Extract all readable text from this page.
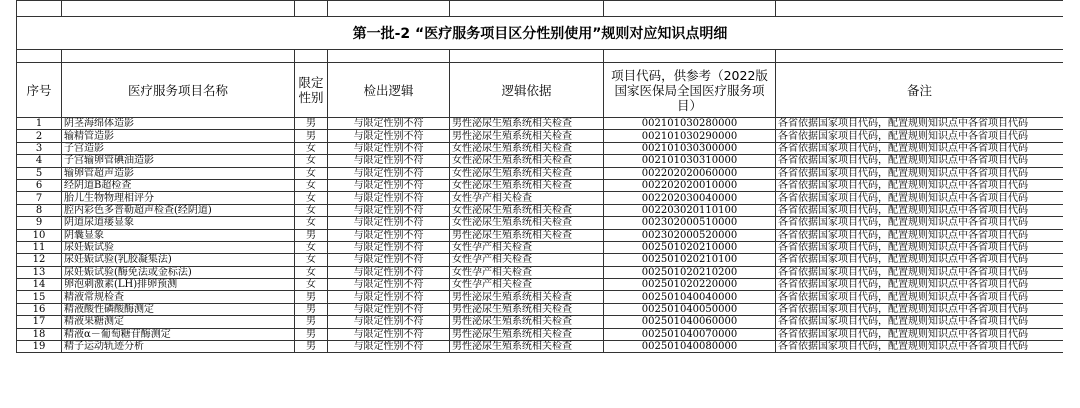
第一批-2 “医疗服务项目区分性别使用”规则对应知识点明细						

序号	医疗服务项目名称	限定性别	检出逻辑	逻辑依据	项目代码，供参考（2022版国家医保局全国医疗服务项目）	备注
1	阴茎海绵体造影	男	与限定性别不符	男性泌尿生殖系统相关检查	002101030280000	各省依据国家项目代码，配置规则知识点中各省项目代码
2	输精管造影	男	与限定性别不符	男性泌尿生殖系统相关检查	002101030290000	各省依据国家项目代码，配置规则知识点中各省项目代码
3	子宫造影	女	与限定性别不符	女性泌尿生殖系统相关检查	002101030300000	各省依据国家项目代码，配置规则知识点中各省项目代码
4	子宫输卵管碘油造影	女	与限定性别不符	女性泌尿生殖系统相关检查	002101030310000	各省依据国家项目代码，配置规则知识点中各省项目代码
5	输卵管超声造影	女	与限定性别不符	女性泌尿生殖系统相关检查	002202020060000	各省依据国家项目代码，配置规则知识点中各省项目代码
6	经阴道B超检查	女	与限定性别不符	女性泌尿生殖系统相关检查	002202020010000	各省依据国家项目代码，配置规则知识点中各省项目代码
7	胎儿生物物理相评分	女	与限定性别不符	女性孕产相关检查	002202030040000	各省依据国家项目代码，配置规则知识点中各省项目代码
8	腔内彩色多普勒超声检查(经阴道)	女	与限定性别不符	女性泌尿生殖系统相关检查	002203020110100	各省依据国家项目代码，配置规则知识点中各省项目代码
9	阴道尿道瘘显象	女	与限定性别不符	女性泌尿生殖系统相关检查	002302000510000	各省依据国家项目代码，配置规则知识点中各省项目代码
10	阴囊显象	男	与限定性别不符	男性泌尿生殖系统相关检查	002302000520000	各省依据国家项目代码，配置规则知识点中各省项目代码
11	尿妊娠试验	女	与限定性别不符	女性孕产相关检查	002501020210000	各省依据国家项目代码，配置规则知识点中各省项目代码
12	尿妊娠试验(乳胶凝集法)	女	与限定性别不符	女性孕产相关检查	002501020210100	各省依据国家项目代码，配置规则知识点中各省项目代码
13	尿妊娠试验(酶免法或金标法)	女	与限定性别不符	女性孕产相关检查	002501020210200	各省依据国家项目代码，配置规则知识点中各省项目代码
14	卵泡刺激素(LH)排卵预测	女	与限定性别不符	女性孕产相关检查	002501020220000	各省依据国家项目代码，配置规则知识点中各省项目代码
15	精液常规检查	男	与限定性别不符	男性泌尿生殖系统相关检查	002501040040000	各省依据国家项目代码，配置规则知识点中各省项目代码
16	精液酸性磷酸酶测定	男	与限定性别不符	男性泌尿生殖系统相关检查	002501040050000	各省依据国家项目代码，配置规则知识点中各省项目代码
17	精液果糖测定	男	与限定性别不符	男性泌尿生殖系统相关检查	002501040060000	各省依据国家项目代码，配置规则知识点中各省项目代码
18	精液α－葡萄糖苷酶测定	男	与限定性别不符	男性泌尿生殖系统相关检查	002501040070000	各省依据国家项目代码，配置规则知识点中各省项目代码
19	精子运动轨迹分析	男	与限定性别不符	男性泌尿生殖系统相关检查	002501040080000	各省依据国家项目代码，配置规则知识点中各省项目代码
